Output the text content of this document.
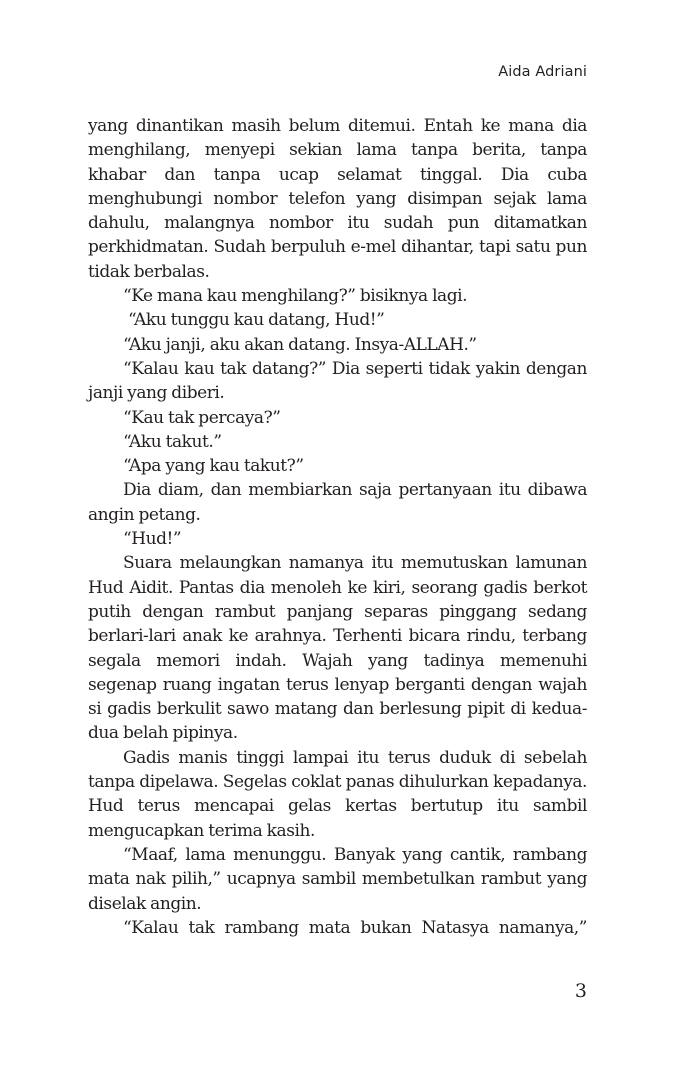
Aida Adriani

yang dinantikan masih belum ditemui. Entah ke mana dia menghilang, menyepi sekian lama tanpa berita, tanpa khabar dan tanpa ucap selamat tinggal. Dia cuba menghubungi nombor telefon yang disimpan sejak lama dahulu, malangnya nombor itu sudah pun ditamatkan perkhidmatan. Sudah berpuluh e-mel dihantar, tapi satu pun tidak berbalas.

“Ke mana kau menghilang?” bisiknya lagi.

“Aku tunggu kau datang, Hud!”

“Aku janji, aku akan datang. Insya-ALLAH.”

“Kalau kau tak datang?” Dia seperti tidak yakin dengan janji yang diberi.

“Kau tak percaya?”

“Aku takut.”

“Apa yang kau takut?”

Dia diam, dan membiarkan saja pertanyaan itu dibawa angin petang.

“Hud!”

Suara melaungkan namanya itu memutuskan lamunan Hud Aidit. Pantas dia menoleh ke kiri, seorang gadis berkot putih dengan rambut panjang separas pinggang sedang berlari-lari anak ke arahnya. Terhenti bicara rindu, terbang segala memori indah. Wajah yang tadinya memenuhi segenap ruang ingatan terus lenyap berganti dengan wajah si gadis berkulit sawo matang dan berlesung pipit di kedua-dua belah pipinya.

Gadis manis tinggi lampai itu terus duduk di sebelah tanpa dipelawa. Segelas coklat panas dihulurkan kepadanya. Hud terus mencapai gelas kertas bertutup itu sambil mengucapkan terima kasih.

“Maaf, lama menunggu. Banyak yang cantik, rambang mata nak pilih,” ucapnya sambil membetulkan rambut yang diselak angin.

“Kalau tak rambang mata bukan Natasya namanya,”

3
